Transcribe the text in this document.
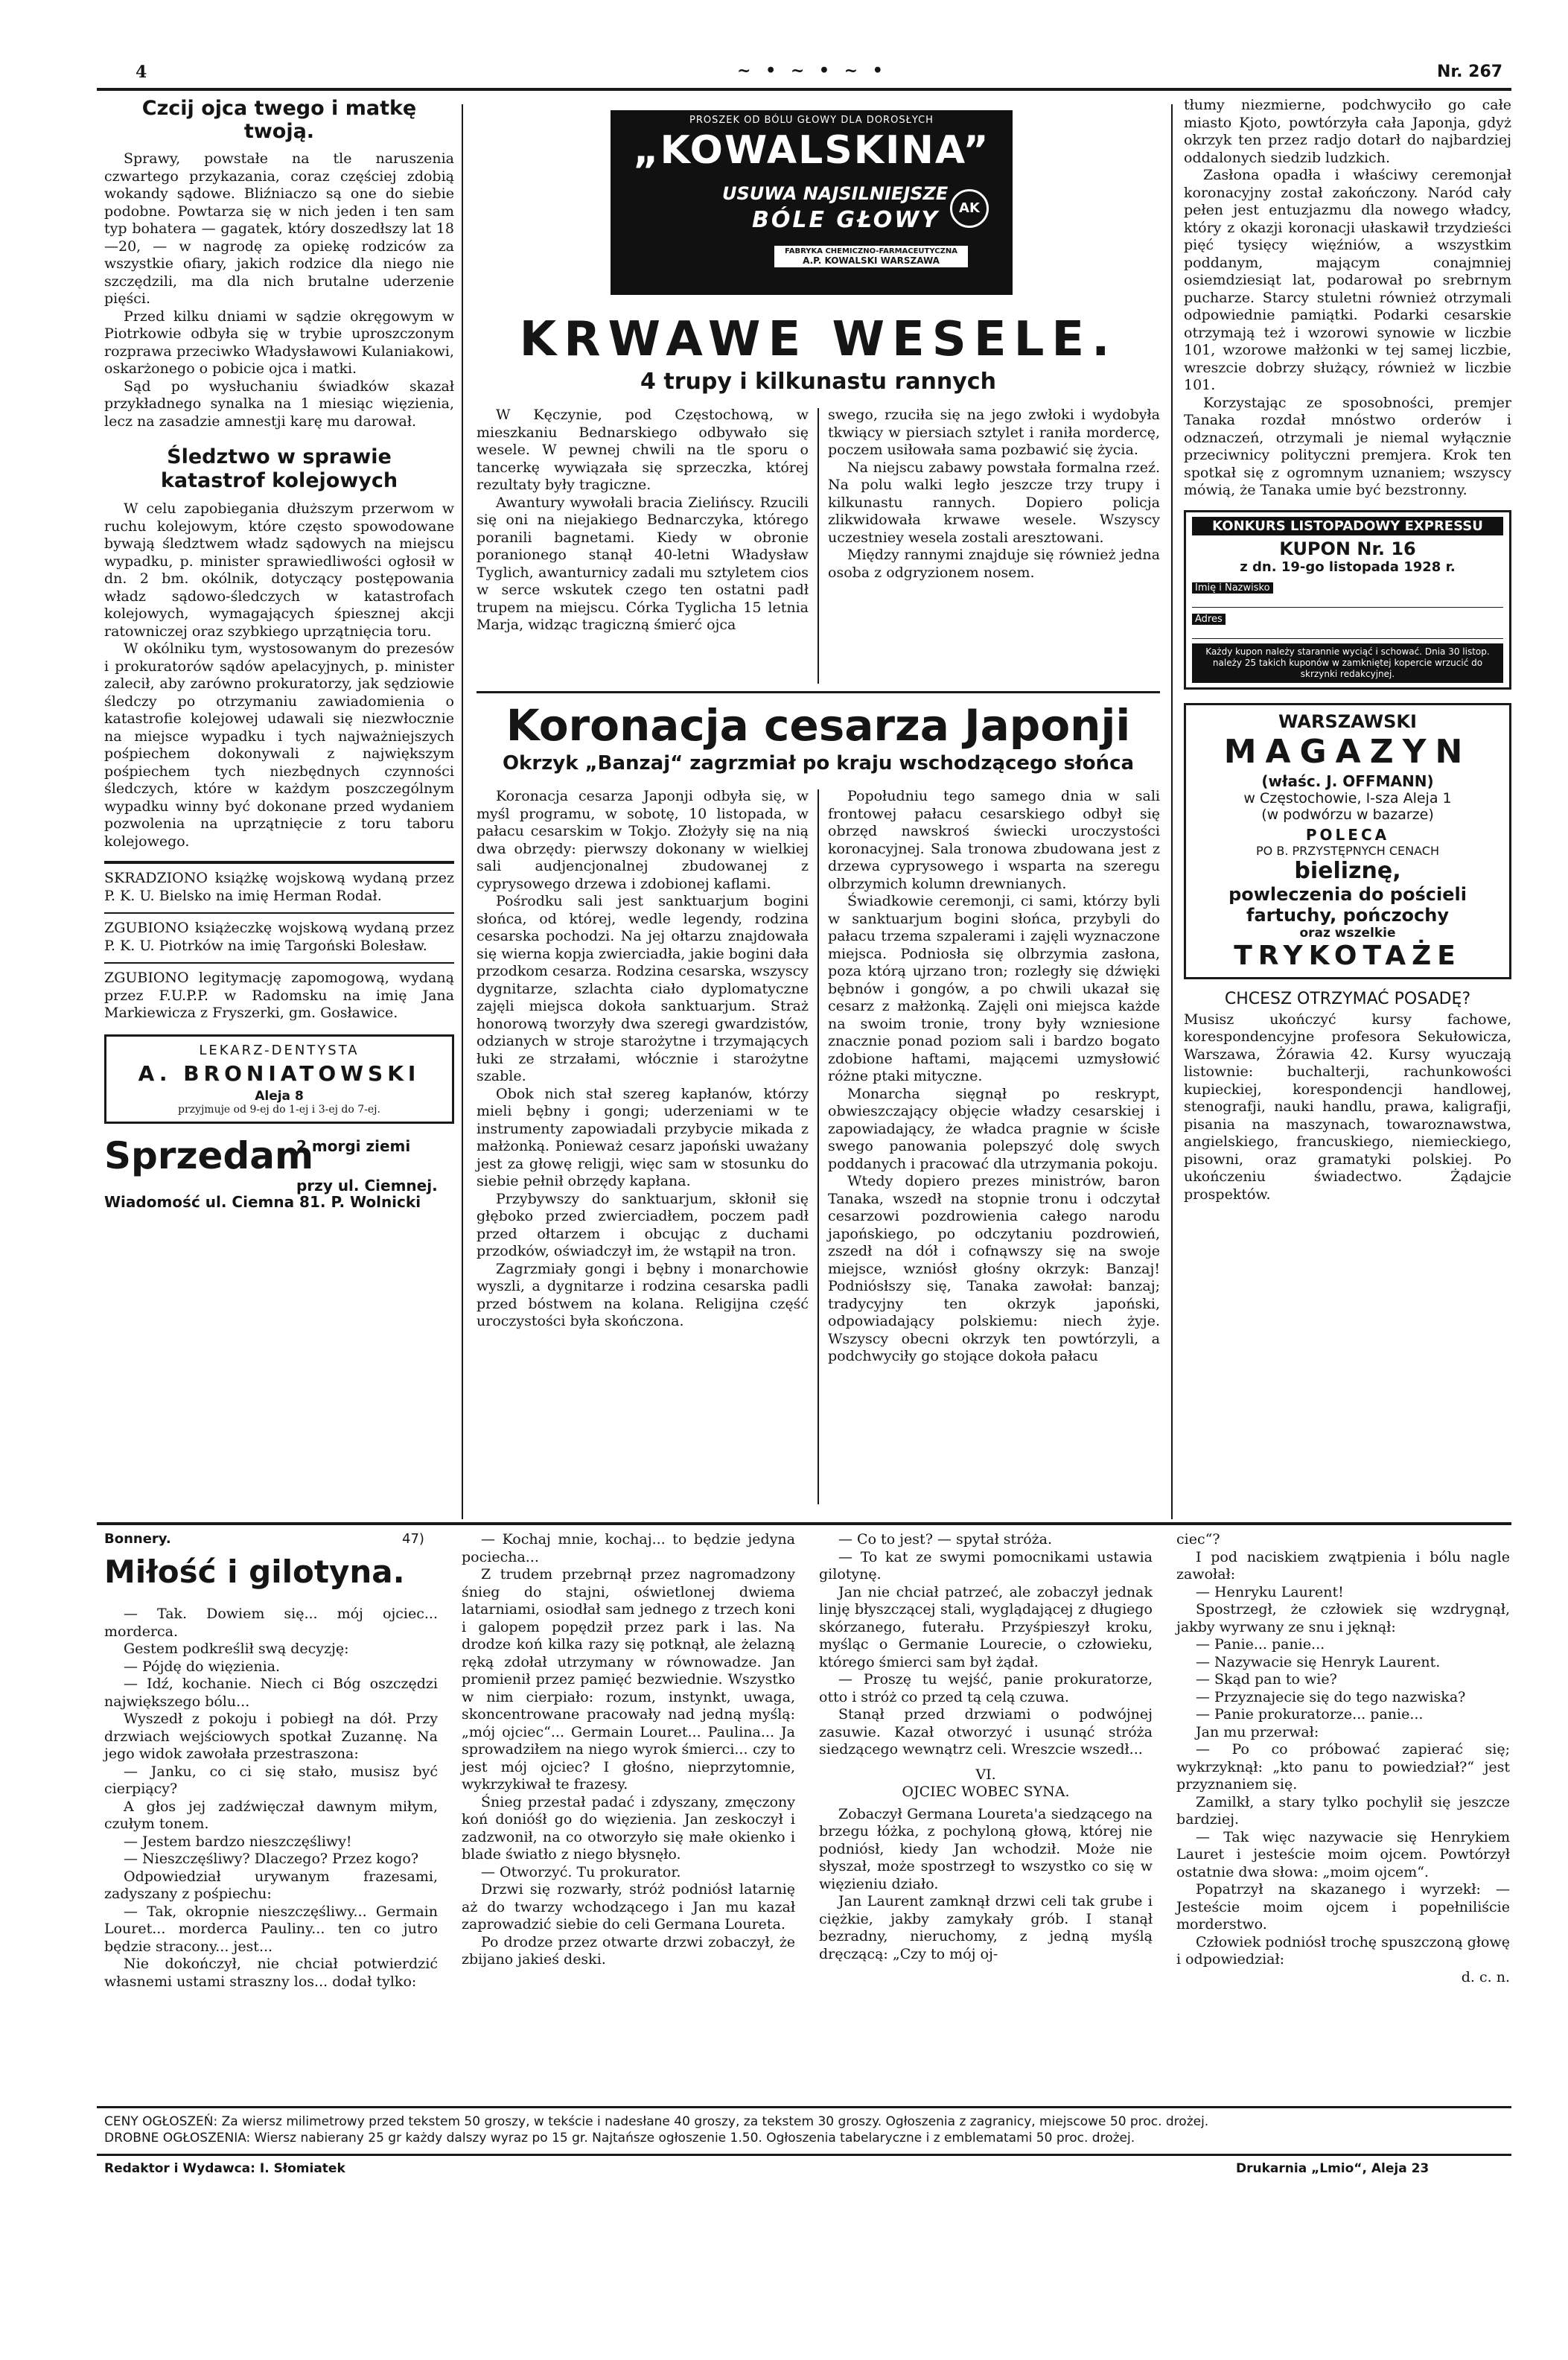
4	~ • ~ • ~ •	Nr. 267
Czcij ojca twego i matkę twoją.

Sprawy, powstałe na tle naruszenia czwartego przykazania, coraz częściej zdobią wokandy sądowe. Bliźniaczo są one do siebie podobne. Powtarza się w nich jeden i ten sam typ bohatera — gagatek, który doszedłszy lat 18—20, — w nagrodę za opiekę rodziców za wszystkie ofiary, jakich rodzice dla niego nie szczędzili, ma dla nich brutalne uderzenie pięści.

Przed kilku dniami w sądzie okręgowym w Piotrkowie odbyła się w trybie uproszczonym rozprawa przeciwko Władysławowi Kulaniakowi, oskarżonego o pobicie ojca i matki.

Sąd po wysłuchaniu świadków skazał przykładnego synalka na 1 miesiąc więzienia, lecz na zasadzie amnestji karę mu darował.

Śledztwo w sprawie katastrof kolejowych

W celu zapobiegania dłuższym przerwom w ruchu kolejowym, które często spowodowane bywają śledztwem władz sądowych na miejscu wypadku, p. minister sprawiedliwości ogłosił w dn. 2 bm. okólnik, dotyczący postępowania władz sądowo-śledczych w katastrofach kolejowych, wymagających śpiesznej akcji ratowniczej oraz szybkiego uprzątnięcia toru.

W okólniku tym, wystosowanym do prezesów i prokuratorów sądów apelacyjnych, p. minister zalecił, aby zarówno prokuratorzy, jak sędziowie śledczy po otrzymaniu zawiadomienia o katastrofie kolejowej udawali się niezwłocznie na miejsce wypadku i tych najważniejszych pośpiechem dokonywali z największym pośpiechem tych niezbędnych czynności śledczych, które w każdym poszczególnym wypadku winny być dokonane przed wydaniem pozwolenia na uprzątnięcie z toru taboru kolejowego.

SKRADZIONO książkę wojskową wydaną przez P. K. U. Bielsko na imię Herman Rodał.

ZGUBIONO książeczkę wojskową wydaną przez P. K. U. Piotrków na imię Targoński Bolesław.

ZGUBIONO legitymację zapomogową, wydaną przez F.U.P.P. w Radomsku na imię Jana Markiewicza z Fryszerki, gm. Gosławice.

LEKARZ-DENTYSTA
A. BRONIATOWSKI
Aleja 8
przyjmuje od 9-ej do 1-ej i 3-ej do 7-ej.
Sprzedam
2 morgi ziemi
przy ul. Ciemnej. Wiadomość ul. Ciemna 81. P. Wolnicki
PROSZEK OD BÓLU GŁOWY DLA DOROSŁYCH
„KOWALSKINA”
USUWA NAJSILNIEJSZE
BÓLE GŁOWY	AK
FABRYKA CHEMICZNO-FARMACEUTYCZNA
A.P. KOWALSKI WARSZAWA
KRWAWE WESELE.
4 trupy i kilkunastu rannych

W Kęczynie, pod Częstochową, w mieszkaniu Bednarskiego odbywało się wesele. W pewnej chwili na tle sporu o tancerkę wywiązała się sprzeczka, której rezultaty były tragiczne.

Awantury wywołali bracia Zielińscy. Rzucili się oni na niejakiego Bednarczyka, którego poranili bagnetami. Kiedy w obronie poranionego stanął 40-letni Władysław Tyglich, awanturnicy zadali mu sztyletem cios w serce wskutek czego ten ostatni padł trupem na miejscu. Córka Tyglicha 15 letnia Marja, widząc tragiczną śmierć ojca

swego, rzuciła się na jego zwłoki i wydobyła tkwiący w piersiach sztylet i raniła mordercę, poczem usiłowała sama pozbawić się życia.

Na niejscu zabawy powstała formalna rzeź. Na polu walki legło jeszcze trzy trupy i kilkunastu rannych. Dopiero policja zlikwidowała krwawe wesele. Wszyscy uczestniey wesela zostali aresztowani.

Między rannymi znajduje się również jedna osoba z odgryzionem nosem.

Koronacja cesarza Japonji
Okrzyk „Banzaj“ zagrzmiał po kraju wschodzącego słońca

Koronacja cesarza Japonji odbyła się, w myśl programu, w sobotę, 10 listopada, w pałacu cesarskim w Tokjo. Złożyły się na nią dwa obrzędy: pierwszy dokonany w wielkiej sali audjencjonalnej zbudowanej z cyprysowego drzewa i zdobionej kaflami.

Pośrodku sali jest sanktuarjum bogini słońca, od której, wedle legendy, rodzina cesarska pochodzi. Na jej ołtarzu znajdowała się wierna kopja zwierciadła, jakie bogini dała przodkom cesarza. Rodzina cesarska, wszyscy dygnitarze, szlachta ciało dyplomatyczne zajęli miejsca dokoła sanktuarjum. Straż honorową tworzyły dwa szeregi gwardzistów, odzianych w stroje starożytne i trzymających łuki ze strzałami, włócznie i starożytne szable.

Obok nich stał szereg kapłanów, którzy mieli bębny i gongi; uderzeniami w te instrumenty zapowiadali przybycie mikada z małżonką. Ponieważ cesarz japoński uważany jest za głowę religji, więc sam w stosunku do siebie pełnił obrzędy kapłana.

Przybywszy do sanktuarjum, skłonił się głęboko przed zwierciadłem, poczem padł przed ołtarzem i obcując z duchami przodków, oświadczył im, że wstąpił na tron.

Zagrzmiały gongi i bębny i monarchowie wyszli, a dygnitarze i rodzina cesarska padli przed bóstwem na kolana. Religijna część uroczystości była skończona.

Popołudniu tego samego dnia w sali frontowej pałacu cesarskiego odbył się obrzęd nawskroś świecki uroczystości koronacyjnej. Sala tronowa zbudowana jest z drzewa cyprysowego i wsparta na szeregu olbrzymich kolumn drewnianych.

Świadkowie ceremonji, ci sami, którzy byli w sanktuarjum bogini słońca, przybyli do pałacu trzema szpalerami i zajęli wyznaczone miejsca. Podniosła się olbrzymia zasłona, poza którą ujrzano tron; rozległy się dźwięki bębnów i gongów, a po chwili ukazał się cesarz z małżonką. Zajęli oni miejsca każde na swoim tronie, trony były wzniesione znacznie ponad poziom sali i bardzo bogato zdobione haftami, mającemi uzmysłowić różne ptaki mityczne.

Monarcha sięgnął po reskrypt, obwieszczający objęcie władzy cesarskiej i zapowiadający, że władca pragnie w ścisłe swego panowania polepszyć dolę swych poddanych i pracować dla utrzymania pokoju.

Wtedy dopiero prezes ministrów, baron Tanaka, wszedł na stopnie tronu i odczytał cesarzowi pozdrowienia całego narodu japońskiego, po odczytaniu pozdrowień, zszedł na dół i cofnąwszy się na swoje miejsce, wzniósł głośny okrzyk: Banzaj! Podniósłszy się, Tanaka zawołał: banzaj; tradycyjny ten okrzyk japoński, odpowiadający polskiemu: niech żyje. Wszyscy obecni okrzyk ten powtórzyli, a podchwyciły go stojące dokoła pałacu

tłumy niezmierne, podchwyciło go całe miasto Kjoto, powtórzyła cała Japonja, gdyż okrzyk ten przez radjo dotarł do najbardziej oddalonych siedzib ludzkich.

Zasłona opadła i właściwy ceremonjał koronacyjny został zakończony. Naród cały pełen jest entuzjazmu dla nowego władcy, który z okazji koronacji ułaskawił trzydzieści pięć tysięcy więźniów, a wszystkim poddanym, mającym conajmniej osiemdziesiąt lat, podarował po srebrnym pucharze. Starcy stuletni również otrzymali odpowiednie pamiątki. Podarki cesarskie otrzymają też i wzorowi synowie w liczbie 101, wzorowe małżonki w tej samej liczbie, wreszcie dobrzy służący, również w liczbie 101.

Korzystając ze sposobności, premjer Tanaka rozdał mnóstwo orderów i odznaczeń, otrzymali je niemal wyłącznie przeciwnicy polityczni premjera. Krok ten spotkał się z ogromnym uznaniem; wszyscy mówią, że Tanaka umie być bezstronny.

KONKURS LISTOPADOWY EXPRESSU
KUPON Nr. 16
z dn. 19-go listopada 1928 r.
Imię i Nazwisko
Adres
Każdy kupon należy starannie wyciąć i schować. Dnia 30 listop. należy 25 takich kuponów w zamkniętej kopercie wrzucić do skrzynki redakcyjnej.
WARSZAWSKI
MAGAZYN
(właśc. J. OFFMANN)
w Częstochowie, I-sza Aleja 1
(w podwórzu w bazarze)
POLECA
PO B. PRZYSTĘPNYCH CENACH
bieliznę,
powleczenia do pościeli
fartuchy, pończochy
oraz wszelkie
TRYKOTAŻE
CHCESZ OTRZYMAĆ POSADĘ?
Musisz ukończyć kursy fachowe, korespondencyjne profesora Sekułowicza, Warszawa, Żórawia 42. Kursy wyuczają listownie: buchalterji, rachunkowości kupieckiej, korespondencji handlowej, stenografji, nauki handlu, prawa, kaligrafji, pisania na maszynach, towaroznawstwa, angielskiego, francuskiego, niemieckiego, pisowni, oraz gramatyki polskiej. Po ukończeniu świadectwo. Żądajcie prospektów.
Bonnery.	47)
Miłość i gilotyna.

— Tak. Dowiem się... mój ojciec... morderca.

Gestem podkreślił swą decyzję:

— Pójdę do więzienia.

— Idź, kochanie. Niech ci Bóg oszczędzi największego bólu...

Wyszedł z pokoju i pobiegł na dół. Przy drzwiach wejściowych spotkał Zuzannę. Na jego widok zawołała przestraszona:

— Janku, co ci się stało, musisz być cierpiący?

A głos jej zadźwięczał dawnym miłym, czułym tonem.

— Jestem bardzo nieszczęśliwy!

— Nieszczęśliwy? Dlaczego? Przez kogo?

Odpowiedział urywanym frazesami, zadyszany z pośpiechu:

— Tak, okropnie nieszczęśliwy... Germain Louret... morderca Pauliny... ten co jutro będzie stracony... jest...

Nie dokończył, nie chciał potwierdzić własnemi ustami straszny los... dodał tylko:

— Kochaj mnie, kochaj... to będzie jedyna pociecha...

Z trudem przebrnął przez nagromadzony śnieg do stajni, oświetlonej dwiema latarniami, osiodłał sam jednego z trzech koni i galopem popędził przez park i las. Na drodze koń kilka razy się potknął, ale żelazną ręką zdołał utrzymany w równowadze. Jan promienił przez pamięć bezwiednie. Wszystko w nim cierpiało: rozum, instynkt, uwaga, skoncentrowane pracowały nad jedną myślą: „mój ojciec“... Germain Louret... Paulina... Ja sprowadziłem na niego wyrok śmierci... czy to jest mój ojciec? I głośno, nieprzytomnie, wykrzykiwał te frazesy.

Śnieg przestał padać i zdyszany, zmęczony koń donióśł go do więzienia. Jan zeskoczył i zadzwonił, na co otworzyło się małe okienko i blade światło z niego błysnęło.

— Otworzyć. Tu prokurator.

Drzwi się rozwarły, stróż podniósł latarnię aż do twarzy wchodzącego i Jan mu kazał zaprowadzić siebie do celi Germana Loureta.

Po drodze przez otwarte drzwi zobaczył, że zbijano jakieś deski.

— Co to jest? — spytał stróża.

— To kat ze swymi pomocnikami ustawia gilotynę.

Jan nie chciał patrzeć, ale zobaczył jednak linję błyszczącej stali, wyglądającej z długiego skórzanego, futerału. Przyśpieszył kroku, myśląc o Germanie Lourecie, o człowieku, którego śmierci sam był żądał.

— Proszę tu wejść, panie prokuratorze, otto i stróż co przed tą celą czuwa.

Stanął przed drzwiami o podwójnej zasuwie. Kazał otworzyć i usunąć stróża siedzącego wewnątrz celi. Wreszcie wszedł...

VI.

OJCIEC WOBEC SYNA.

Zobaczył Germana Loureta'a siedzącego na brzegu łóżka, z pochyloną głową, której nie podniósł, kiedy Jan wchodził. Może nie słyszał, może spostrzegł to wszystko co się w więzieniu działo.

Jan Laurent zamknął drzwi celi tak grube i ciężkie, jakby zamykały grób. I stanął bezradny, nieruchomy, z jedną myślą dręczącą: „Czy to mój oj-

ciec“?

I pod naciskiem zwątpienia i bólu nagle zawołał:

— Henryku Laurent!

Spostrzegł, że człowiek się wzdrygnął, jakby wyrwany ze snu i jęknął:

— Panie... panie...

— Nazywacie się Henryk Laurent.

— Skąd pan to wie?

— Przyznajecie się do tego nazwiska?

— Panie prokuratorze... panie...

Jan mu przerwał:

— Po co próbować zapierać się; wykrzyknął: „kto panu to powiedział?“ jest przyznaniem się.

Zamilkł, a stary tylko pochylił się jeszcze bardziej.

— Tak więc nazywacie się Henrykiem Lauret i jesteście moim ojcem. Powtórzył ostatnie dwa słowa: „moim ojcem“.

Popatrzył na skazanego i wyrzekł: — Jesteście moim ojcem i popełniliście morderstwo.

Człowiek podniósł trochę spuszczoną głowę i odpowiedział:

d. c. n.

CENY OGŁOSZEŃ: Za wiersz milimetrowy przed tekstem 50 groszy, w tekście i nadesłane 40 groszy, za tekstem 30 groszy. Ogłoszenia z zagranicy, miejscowe 50 proc. drożej.
DROBNE OGŁOSZENIA: Wiersz nabierany 25 gr każdy dalszy wyraz po 15 gr. Najtańsze ogłoszenie 1.50. Ogłoszenia tabelaryczne i z emblematami 50 proc. drożej.
Redaktor i Wydawca: I. Słomiatek	Drukarnia „Lmio“, Aleja 23
